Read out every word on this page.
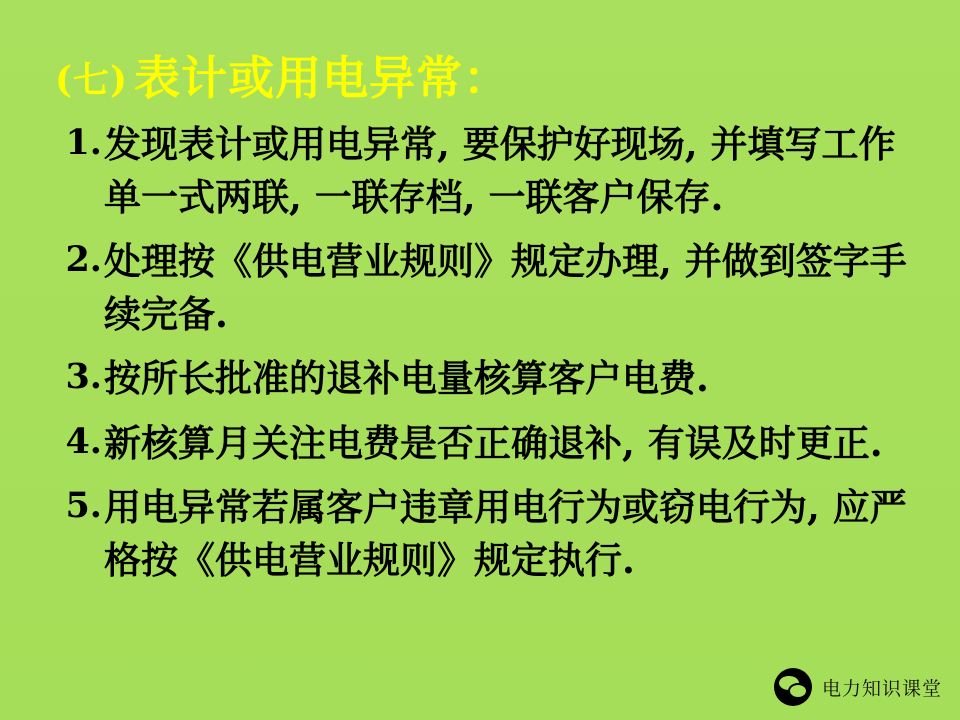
(七) 表计或用电异常：
1. 发现表计或用电异常, 要保护好现场, 并填写工作单一式两联, 一联存档, 一联客户保存.
2. 处理按《供电营业规则》规定办理, 并做到签字手续完备.
3. 按所长批准的退补电量核算客户电费.
4. 新核算月关注电费是否正确退补, 有误及时更正.
5. 用电异常若属客户违章用电行为或窃电行为, 应严格按《供电营业规则》规定执行.
电力知识课堂
